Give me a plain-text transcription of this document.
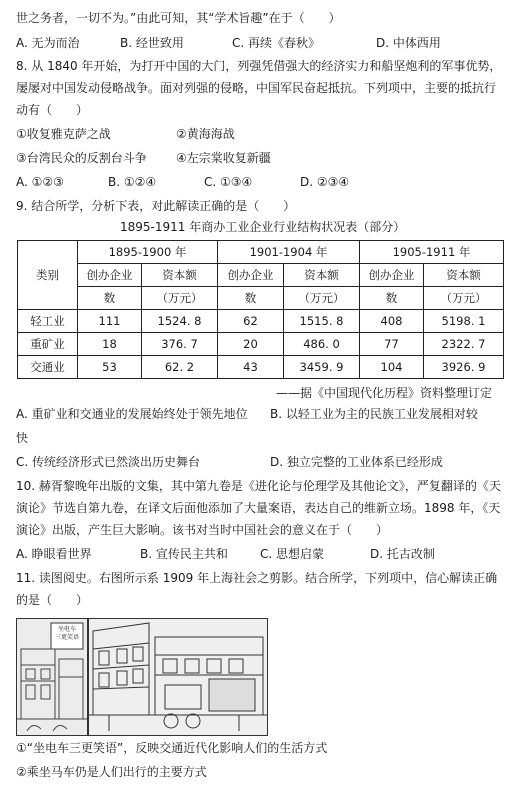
世之务者，一切不为。”由此可知，其“学术旨趣”在于（　　）
A. 无为而治	B. 经世致用	C. 再续《春秋》	D. 中体西用
8. 从 1840 年开始，为打开中国的大门，列强凭借强大的经济实力和船坚炮利的军事优势，
屡屡对中国发动侵略战争。面对列强的侵略，中国军民奋起抵抗。下列项中，主要的抵抗行
动有（　　）
①收复雅克萨之战	②黄海海战
③台湾民众的反割台斗争 ④左宗棠收复新疆
A. ①②③	B. ①②④	C. ①③④	D. ②③④
9. 结合所学，分析下表，对此解读正确的是（　　）
1895-1911 年商办工业企业行业结构状况表（部分）
类别	1895-1900 年		1901-1904 年		1905-1911 年	
	创办企业	资本额	创办企业	资本额	创办企业	资本额
	数	（万元）	数	（万元）	数	（万元）
轻工业	111	1524. 8	62	1515. 8	408	5198. 1
重矿业	18	376. 7	20	486. 0	77	2322. 7
交通业	53	62. 2	43	3459. 9	104	3926. 9
——据《中国现代化历程》资料整理订定
A. 重矿业和交通业的发展始终处于领先地位 B. 以轻工业为主的民族工业发展相对较
快
C. 传统经济形式已然淡出历史舞台	D. 独立完整的工业体系已经形成
10. 赫胥黎晚年出版的文集，其中第九卷是《进化论与伦理学及其他论文》，严复翻译的《天
演论》节选自第九卷，在译文后面他添加了大量案语，表达自己的维新立场。1898 年，《天
演论》出版，产生巨大影响。该书对当时中国社会的意义在于（　　）
A. 睁眼看世界	B. 宣传民主共和	C. 思想启蒙	D. 托古改制
11. 读图阅史。右图所示系 1909 年上海社会之剪影。结合所学，下列项中，信心解读正确
的是（　　）
坐电车
三更笑语
①“坐电车三更笑语”，反映交通近代化影响人们的生活方式
②乘坐马车仍是人们出行的主要方式
